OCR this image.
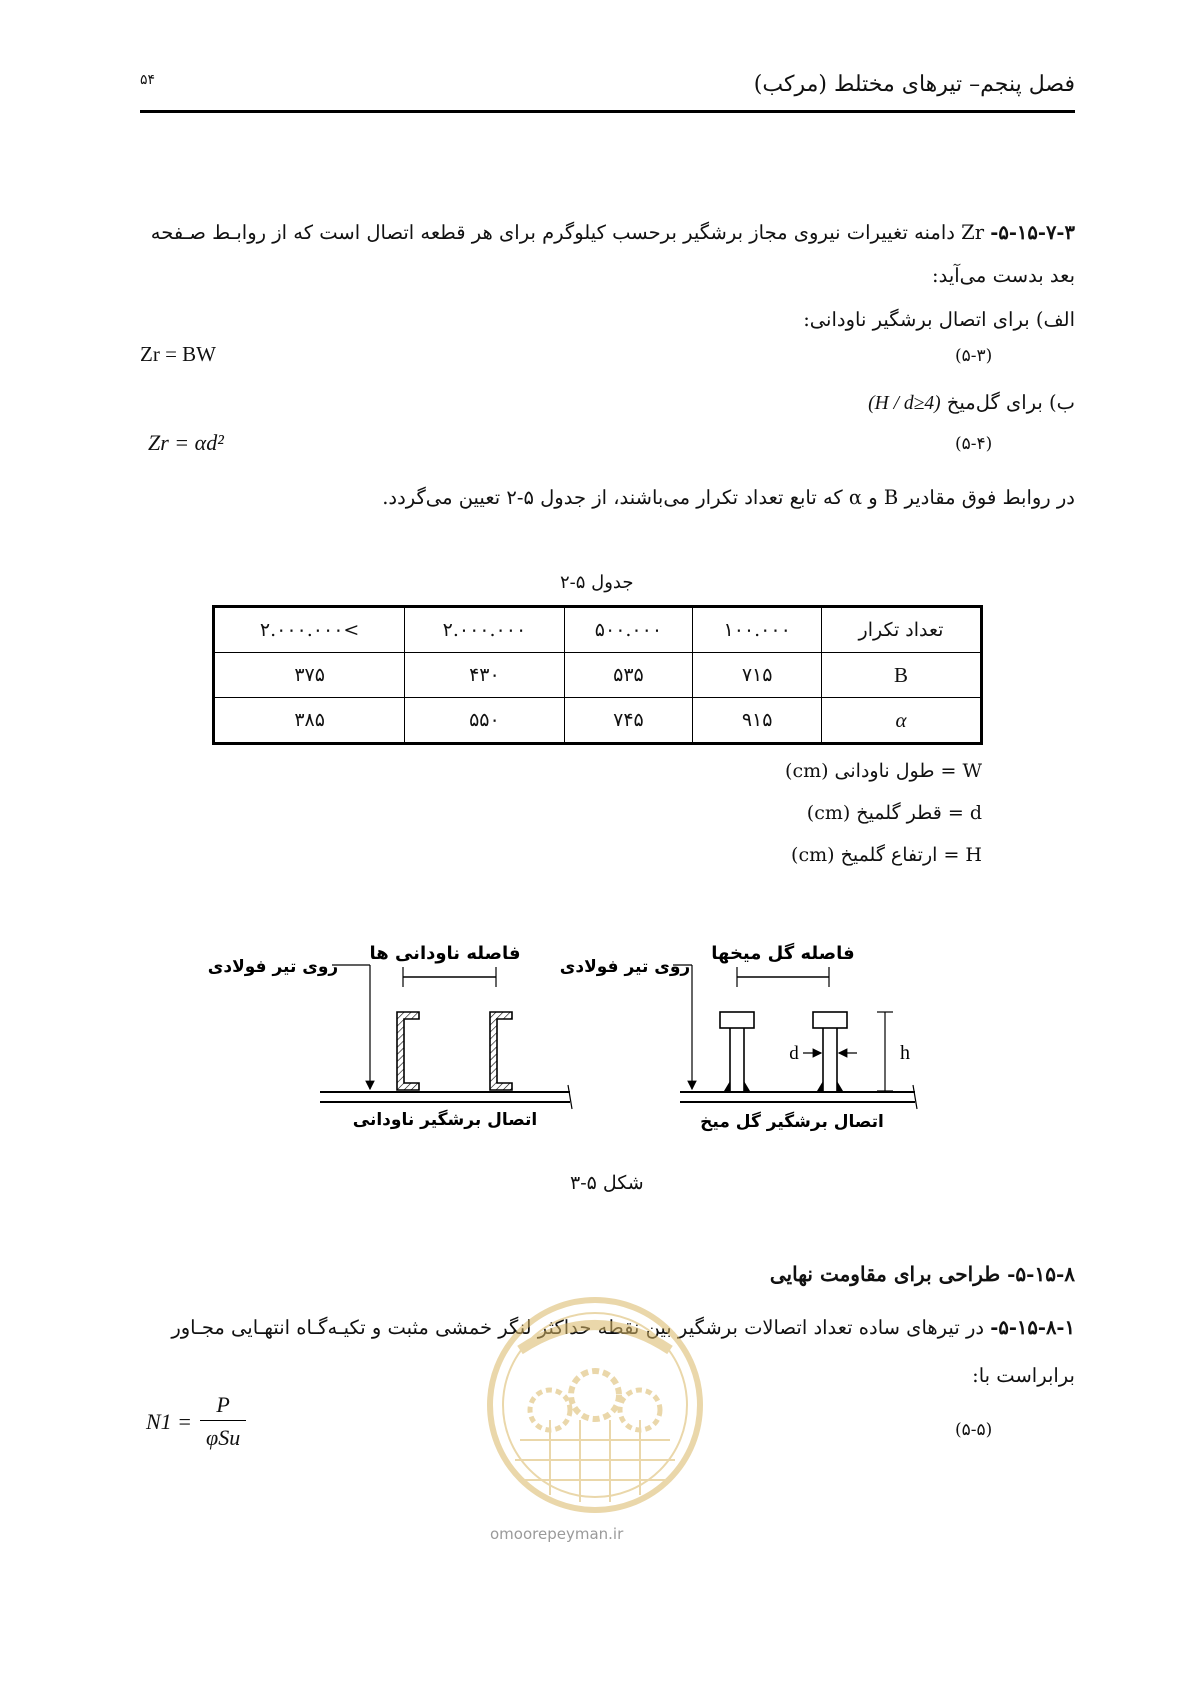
فصل پنجم– تیرهای مختلط (مرکب)
۵۴
۵-۱۵-۷-۳- Zr دامنه تغییرات نیروی مجاز برشگیر برحسب کیلوگرم برای هر قطعه اتصال است که از روابـط صـفحه
بعد بدست می‌آید:
الف) برای اتصال برشگیر ناودانی:
Zr = BW	(۵-۳)
ب) برای گل‌میخ (H / d≥4)
Zr = αd²	(۵-۴)
در روابط فوق مقادیر B و α که تابع تعداد تکرار می‌باشند، از جدول ۵-۲ تعیین می‌گردد.
جدول ۵-۲
تعداد تکرار	۱۰۰.۰۰۰	۵۰۰.۰۰۰	۲.۰۰۰.۰۰۰	>۲.۰۰۰.۰۰۰
B	۷۱۵	۵۳۵	۴۳۰	۳۷۵
α	۹۱۵	۷۴۵	۵۵۰	۳۸۵
W = طول ناودانی (cm)
d = قطر گلمیخ (cm)
H = ارتفاع گلمیخ (cm)
فاصله ناودانی ها
روی تیر فولادی
اتصال برشگیر ناودانی
فاصله گل میخها
d	h
روی تیر فولادی
اتصال برشگیر گل میخ
شکل ۵-۳
۵-۱۵-۸- طراحی برای مقاومت نهایی
۵-۱۵-۸-۱- در تیرهای ساده تعداد اتصالات برشگیر بین نقطه حداکثر لنگر خمشی مثبت و تکیـه‌گـاه انتهـایی مجـاور
برابراست با:
N1 =	P
φSu	(۵-۵)
omoorepeyman.ir
